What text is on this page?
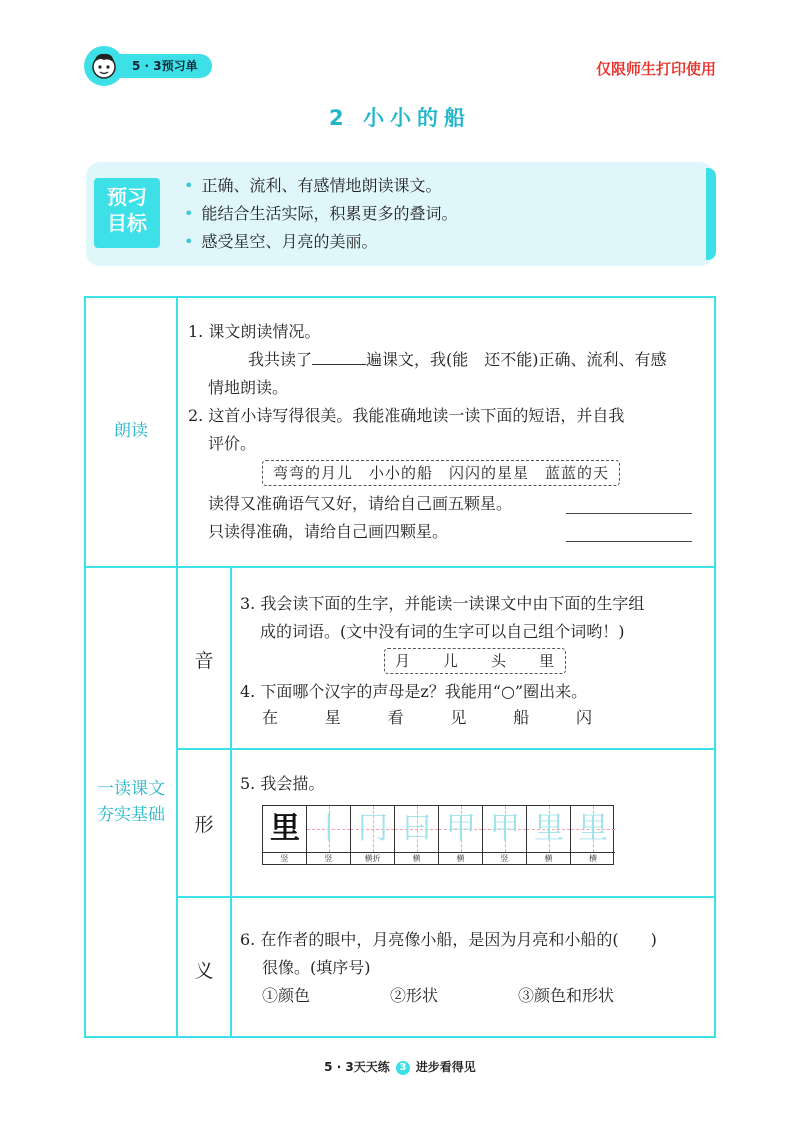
5 · 3预习单	仅限师生打印使用
2 小小的船
预习
目标
• 正确、流利、有感情地朗读课文。
• 能结合生活实际，积累更多的叠词。
• 感受星空、月亮的美丽。
朗读
1. 课文朗读情况。
我共读了	遍课文，我(能　还不能)正确、流利、有感
情地朗读。
2. 这首小诗写得很美。我能准确地读一读下面的短语，并自我
评价。
弯弯的月儿　小小的船　闪闪的星星　蓝蓝的天
读得又准确语气又好，请给自己画五颗星。
只读得准确，请给自己画四颗星。
一读课文
夯实基础
音
3. 我会读下面的生字，并能读一读课文中由下面的生字组
成的词语。(文中没有词的生字可以自己组个词哟！)
月　　儿　　头　　里
4. 下面哪个汉字的声母是z？我能用“○”圈出来。
在	星	看	见	船	闪
形
5. 我会描。
里 丨 冂 曰 甲 甲 里 里
竖	竖	横折	横	横	竖	横	横
义
6. 在作者的眼中，月亮像小船，是因为月亮和小船的(　　)
很像。(填序号)
①颜色	②形状	③颜色和形状
5 · 3天天练 3 进步看得见
